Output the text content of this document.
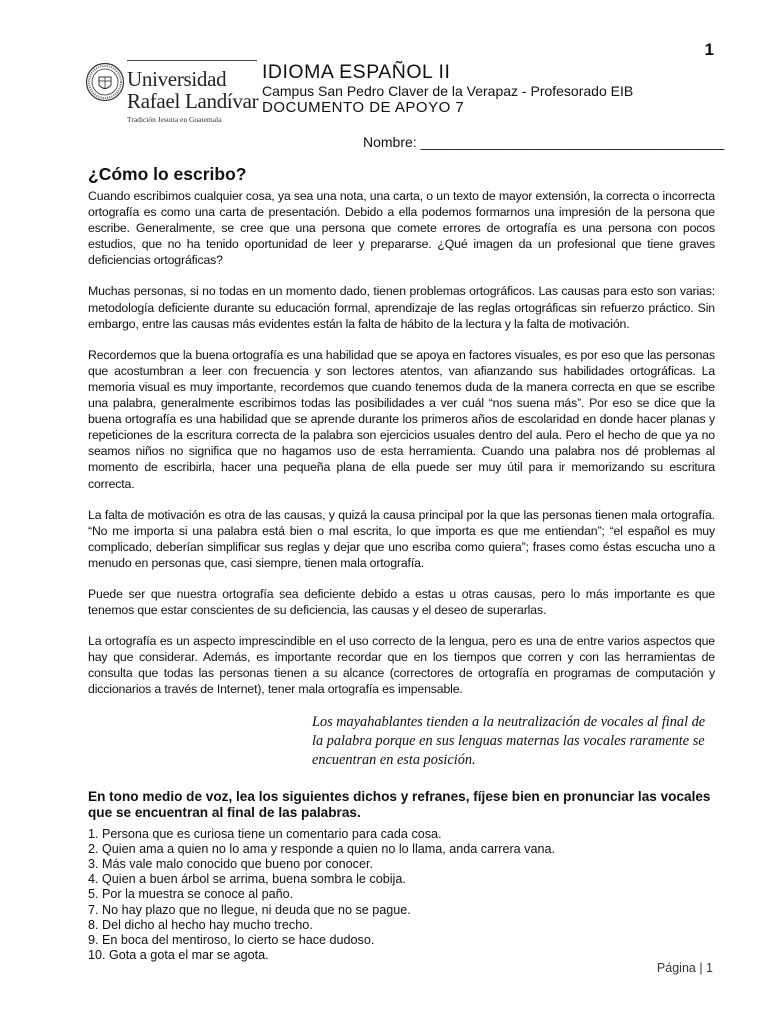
1
Universidad
Rafael Landívar
Tradición Jesuita en Guatemala
IDIOMA ESPAÑOL II
Campus San Pedro Claver de la Verapaz - Profesorado EIB
DOCUMENTO DE APOYO 7
Nombre: _______________________________________
¿Cómo lo escribo?

Cuando escribimos cualquier cosa, ya sea una nota, una carta, o un texto de mayor extensión, la correcta o incorrecta ortografía es como una carta de presentación. Debido a ella podemos formarnos una impresión de la persona que escribe. Generalmente, se cree que una persona que comete errores de ortografía es una persona con pocos estudios, que no ha tenido oportunidad de leer y prepararse. ¿Qué imagen da un profesional que tiene graves deficiencias ortográficas?

Muchas personas, si no todas en un momento dado, tienen problemas ortográficos. Las causas para esto son varias: metodología deficiente durante su educación formal, aprendizaje de las reglas ortográficas sin refuerzo práctico. Sin embargo, entre las causas más evidentes están la falta de hábito de la lectura y la falta de motivación.

Recordemos que la buena ortografía es una habilidad que se apoya en factores visuales, es por eso que las personas que acostumbran a leer con frecuencia y son lectores atentos, van afianzando sus habilidades ortográficas. La memoria visual es muy importante, recordemos que cuando tenemos duda de la manera correcta en que se escribe una palabra, generalmente escribimos todas las posibilidades a ver cuál “nos suena más”. Por eso se dice que la buena ortografía es una habilidad que se aprende durante los primeros años de escolaridad en donde hacer planas y repeticiones de la escritura correcta de la palabra son ejercicios usuales dentro del aula. Pero el hecho de que ya no seamos niños no significa que no hagamos uso de esta herramienta. Cuando una palabra nos dé problemas al momento de escribirla, hacer una pequeña plana de ella puede ser muy útil para ir memorizando su escritura correcta.

La falta de motivación es otra de las causas, y quizá la causa principal por la que las personas tienen mala ortografía. “No me importa si una palabra está bien o mal escrita, lo que importa es que me entiendan”; “el español es muy complicado, deberían simplificar sus reglas y dejar que uno escriba como quiera”; frases como éstas escucha uno a menudo en personas que, casi siempre, tienen mala ortografía.

Puede ser que nuestra ortografía sea deficiente debido a estas u otras causas, pero lo más importante es que tenemos que estar conscientes de su deficiencia, las causas y el deseo de superarlas.

La ortografía es un aspecto imprescindible en el uso correcto de la lengua, pero es una de entre varios aspectos que hay que considerar. Además, es importante recordar que en los tiempos que corren y con las herramientas de consulta que todas las personas tienen a su alcance (correctores de ortografía en programas de computación y diccionarios a través de Internet), tener mala ortografía es impensable.

Los mayahablantes tienden a la neutralización de vocales al final de la palabra porque en sus lenguas maternas las vocales raramente se encuentran en esta posición.
En tono medio de voz, lea los siguientes dichos y refranes, fíjese bien en pronunciar las vocales que se encuentran al final de las palabras.
1. Persona que es curiosa tiene un comentario para cada cosa.
2. Quien ama a quien no lo ama y responde a quien no lo llama, anda carrera vana.
3. Más vale malo conocido que bueno por conocer.
4. Quien a buen árbol se arrima, buena sombra le cobija.
5. Por la muestra se conoce al paño.
7. No hay plazo que no llegue, ni deuda que no se pague.
8. Del dicho al hecho hay mucho trecho.
9. En boca del mentiroso, lo cierto se hace dudoso.
10. Gota a gota el mar se agota.
Página | 1
